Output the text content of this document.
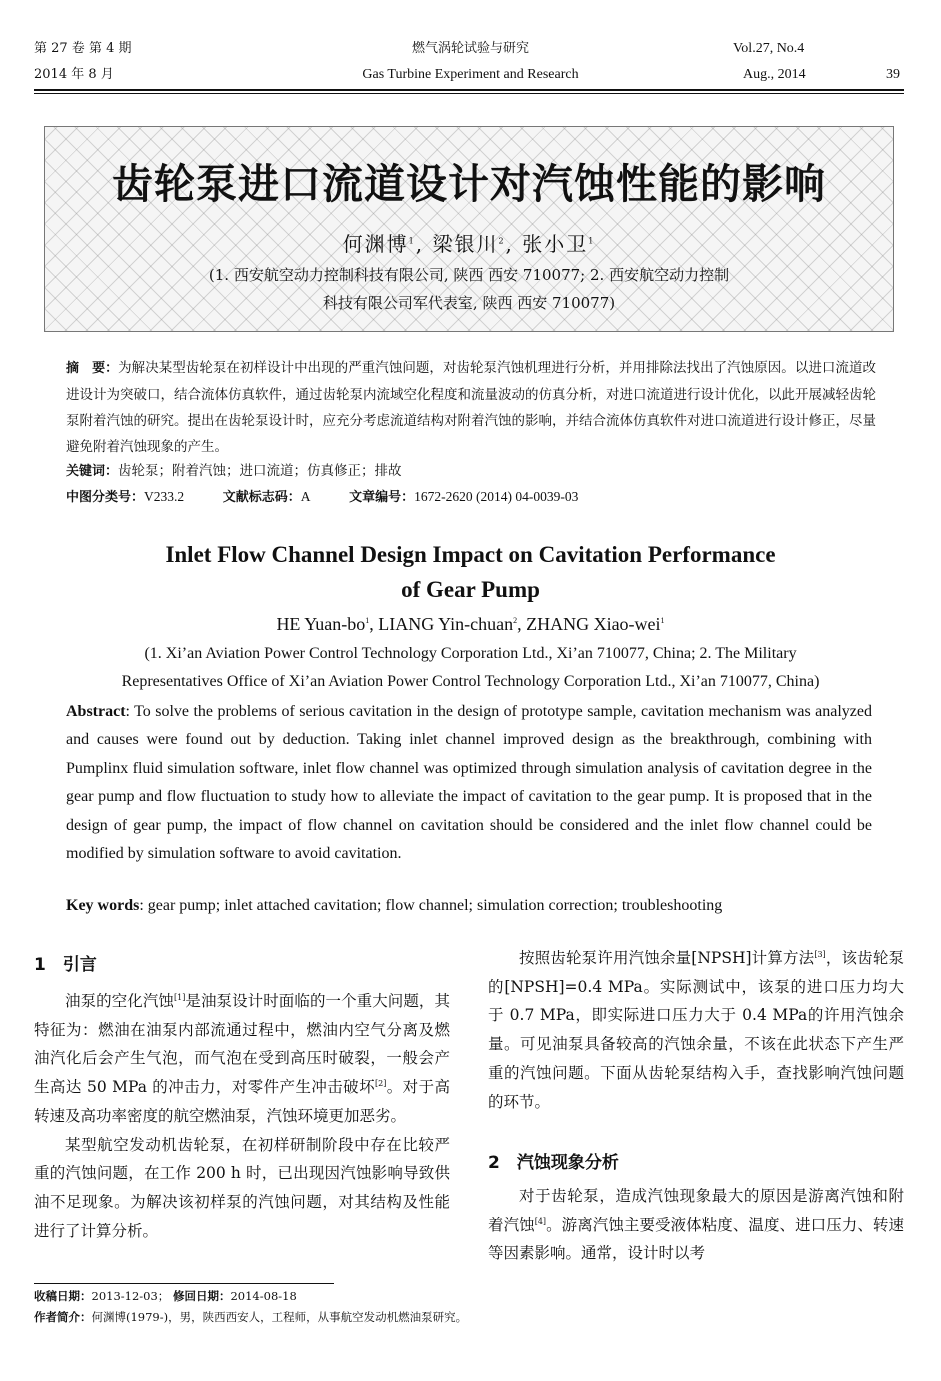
第 27 卷 第 4 期
2014 年 8 月
燃气涡轮试验与研究
Gas Turbine Experiment and Research
Vol.27, No.4
Aug., 2014	39
齿轮泵进口流道设计对汽蚀性能的影响
何渊博$^1$, 梁银川$^2$, 张小卫$^1$
(1. 西安航空动力控制科技有限公司, 陕西 西安 710077; 2. 西安航空动力控制
科技有限公司军代表室, 陕西 西安 710077)
摘　要：为解决某型齿轮泵在初样设计中出现的严重汽蚀问题，对齿轮泵汽蚀机理进行分析，并用排除法找出了汽蚀原因。以进口流道改进设计为突破口，结合流体仿真软件，通过齿轮泵内流域空化程度和流量波动的仿真分析，对进口流道进行设计优化，以此开展减轻齿轮泵附着汽蚀的研究。提出在齿轮泵设计时，应充分考虑流道结构对附着汽蚀的影响，并结合流体仿真软件对进口流道进行设计修正，尽量避免附着汽蚀现象的产生。
关键词：齿轮泵；附着汽蚀；进口流道；仿真修正；排故
中图分类号：V233.2	文献标志码：A	文章编号：1672-2620 (2014) 04-0039-03
Inlet Flow Channel Design Impact on Cavitation Performance
of Gear Pump
HE Yuan-$bo^1$, LIANG Yin-chuan$^2$, ZHANG Xiao-wei$^1$
(1. Xi’an Aviation Power Control Technology Corporation Ltd., Xi’an 710077, China; 2. The Military
Representatives Office of Xi’an Aviation Power Control Technology Corporation Ltd., Xi’an 710077, China)
Abstract: To solve the problems of serious cavitation in the design of prototype sample, cavitation mechanism was analyzed and causes were found out by deduction. Taking inlet channel improved design as the breakthrough, combining with Pumplinx fluid simulation software, inlet flow channel was optimized through simulation analysis of cavitation degree in the gear pump and flow fluctuation to study how to alleviate the impact of cavitation to the gear pump. It is proposed that in the design of gear pump, the impact of flow channel on cavitation should be considered and the inlet flow channel could be modified by simulation software to avoid cavitation.
Key words: gear pump; inlet attached cavitation; flow channel; simulation correction; troubleshooting
1　引言

油泵的空化汽蚀[1]是油泵设计时面临的一个重大问题，其特征为：燃油在油泵内部流通过程中，燃油内空气分离及燃油汽化后会产生气泡，而气泡在受到高压时破裂，一般会产生高达 50 MPa 的冲击力，对零件产生冲击破坏[2]。对于高转速及高功率密度的航空燃油泵，汽蚀环境更加恶劣。

某型航空发动机齿轮泵，在初样研制阶段中存在比较严重的汽蚀问题，在工作 200 h 时，已出现因汽蚀影响导致供油不足现象。为解决该初样泵的汽蚀问题，对其结构及性能进行了计算分析。

按照齿轮泵许用汽蚀余量[NPSH]计算方法[3]，该齿轮泵的[NPSH]=0.4 MPa。实际测试中，该泵的进口压力均大于 0.7 MPa，即实际进口压力大于 0.4 MPa的许用汽蚀余量。可见油泵具备较高的汽蚀余量，不该在此状态下产生严重的汽蚀问题。下面从齿轮泵结构入手，查找影响汽蚀问题的环节。

2　汽蚀现象分析

对于齿轮泵，造成汽蚀现象最大的原因是游离汽蚀和附着汽蚀[4]。游离汽蚀主要受液体粘度、温度、进口压力、转速等因素影响。通常，设计时以考

收稿日期：2013-12-03； 修回日期：2014-08-18
作者简介：何渊博(1979-)，男，陕西西安人，工程师，从事航空发动机燃油泵研究。
